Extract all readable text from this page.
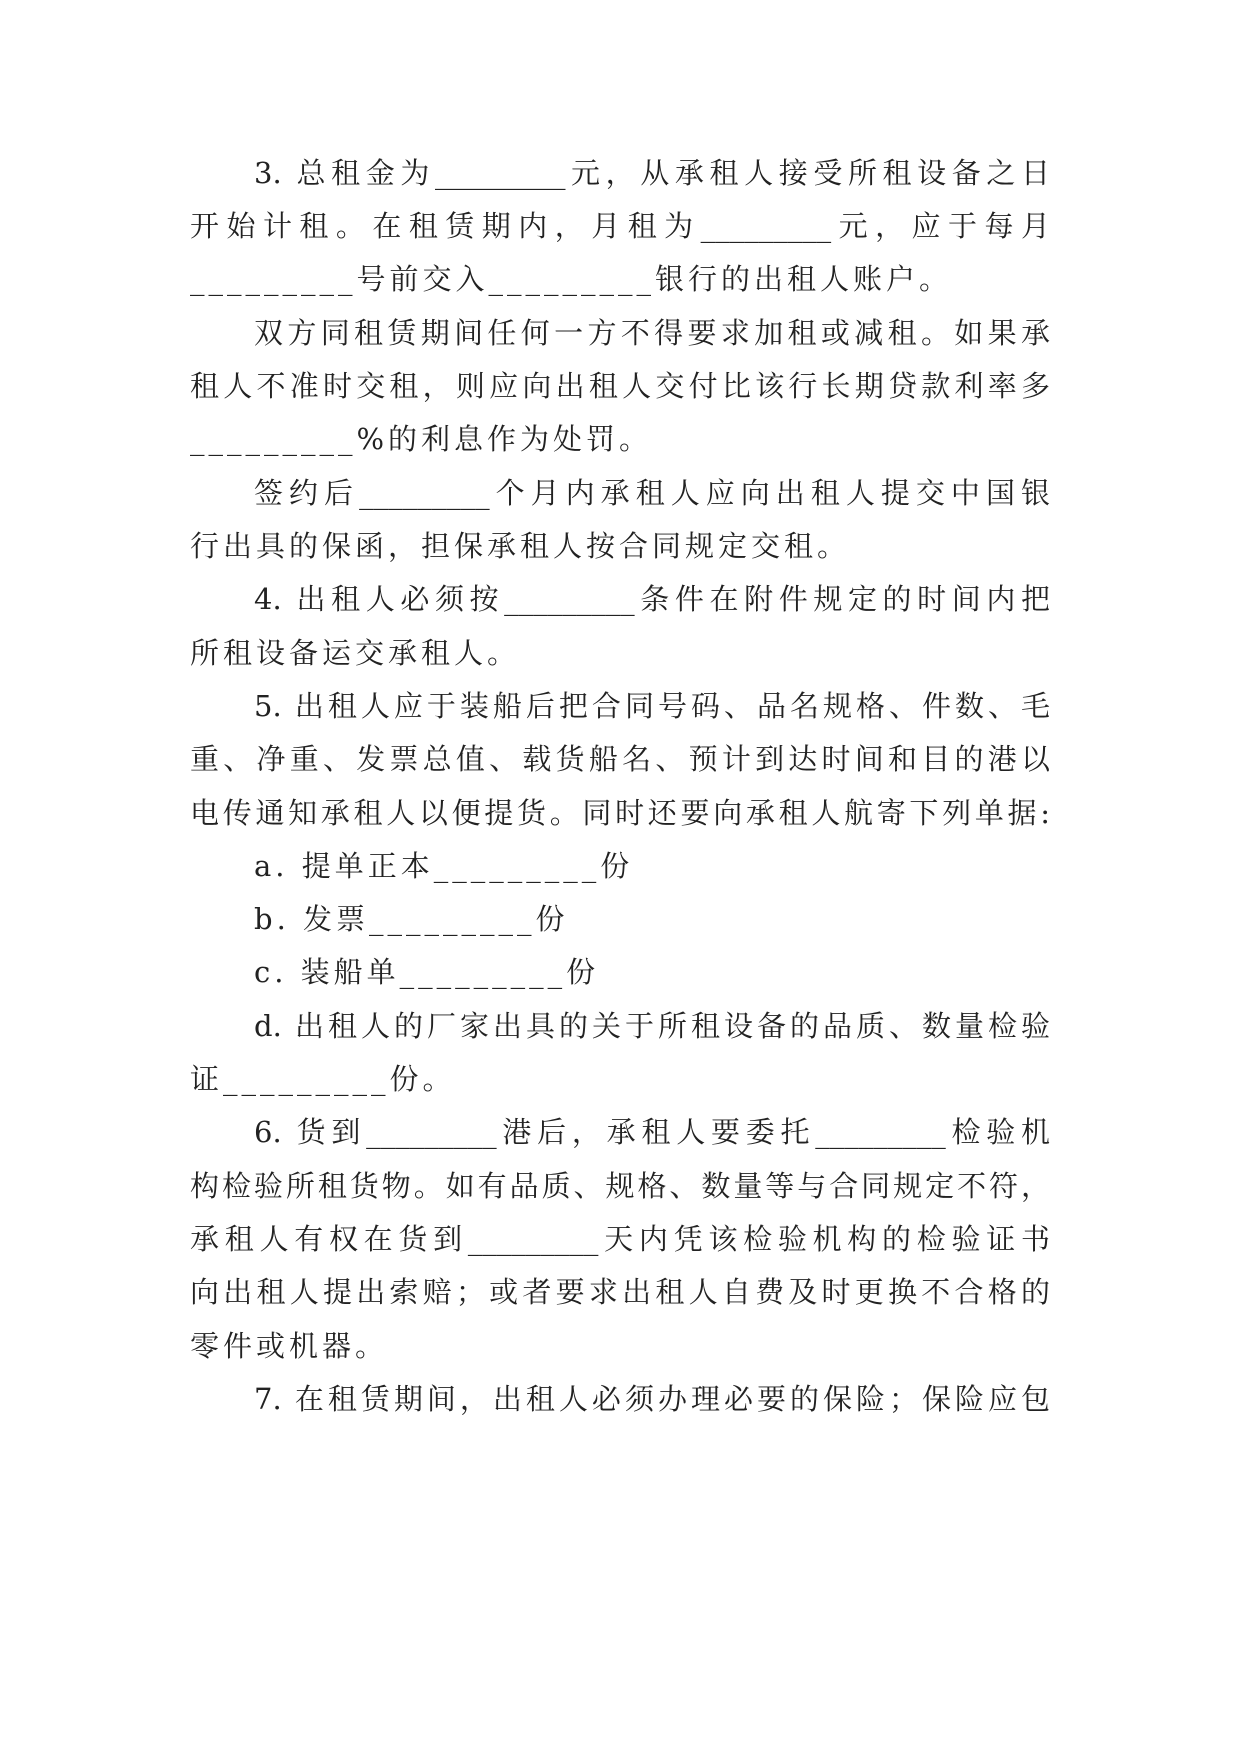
3. 总租金为_________元，从承租人接受所租设备之日
开始计租。在租赁期内，月租为_________元，应于每月
_________号前交入_________银行的出租人账户。
双方同租赁期间任何一方不得要求加租或减租。如果承
租人不准时交租，则应向出租人交付比该行长期贷款利率多
_________%的利息作为处罚。
签约后_________个月内承租人应向出租人提交中国银
行出具的保函，担保承租人按合同规定交租。
4. 出租人必须按_________条件在附件规定的时间内把
所租设备运交承租人。
5. 出租人应于装船后把合同号码、品名规格、件数、毛
重、净重、发票总值、载货船名、预计到达时间和目的港以
电传通知承租人以便提货。同时还要向承租人航寄下列单据:
a. 提单正本_________份
b. 发票_________份
c. 装船单_________份
d. 出租人的厂家出具的关于所租设备的品质、数量检验
证_________份。
6. 货到_________港后，承租人要委托_________检验机
构检验所租货物。如有品质、规格、数量等与合同规定不符，
承租人有权在货到_________天内凭该检验机构的检验证书
向出租人提出索赔；或者要求出租人自费及时更换不合格的
零件或机器。
7. 在租赁期间，出租人必须办理必要的保险；保险应包
